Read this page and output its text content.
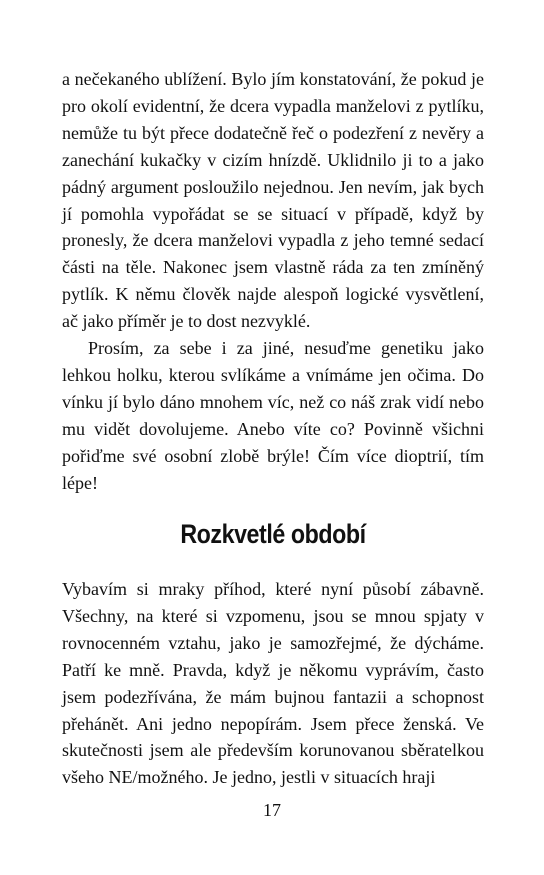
a nečekaného ublížení. Bylo jím konstatování, že pokud je pro okolí evidentní, že dcera vypadla manželovi z pytlíku, nemůže tu být přece dodatečně řeč o podezření z nevěry a zanechání kukačky v cizím hnízdě. Uklidnilo ji to a jako pádný argument posloužilo nejednou. Jen nevím, jak bych jí pomohla vypořádat se se situací v případě, když by pronesly, že dcera manželovi vypadla z jeho temné sedací části na těle. Nakonec jsem vlastně ráda za ten zmíněný pytlík. K němu člověk najde alespoň logické vysvětlení, ač jako příměr je to dost nezvyklé.

Prosím, za sebe i za jiné, nesuďme genetiku jako lehkou holku, kterou svlíkáme a vnímáme jen očima. Do vínku jí bylo dáno mnohem víc, než co náš zrak vidí nebo mu vidět dovolujeme. Anebo víte co? Povinně všichni pořiďme své osobní zlobě brýle! Čím více dioptrií, tím lépe!

Rozkvetlé období

Vybavím si mraky příhod, které nyní působí zábavně. Všechny, na které si vzpomenu, jsou se mnou spjaty v rovnocenném vztahu, jako je samozřejmé, že dýcháme. Patří ke mně. Pravda, když je někomu vyprávím, často jsem podezřívána, že mám bujnou fantazii a schopnost přehánět. Ani jedno nepopírám. Jsem přece ženská. Ve skutečnosti jsem ale především korunovanou sběratelkou všeho NE/možného. Je jedno, jestli v situacích hraji

17
